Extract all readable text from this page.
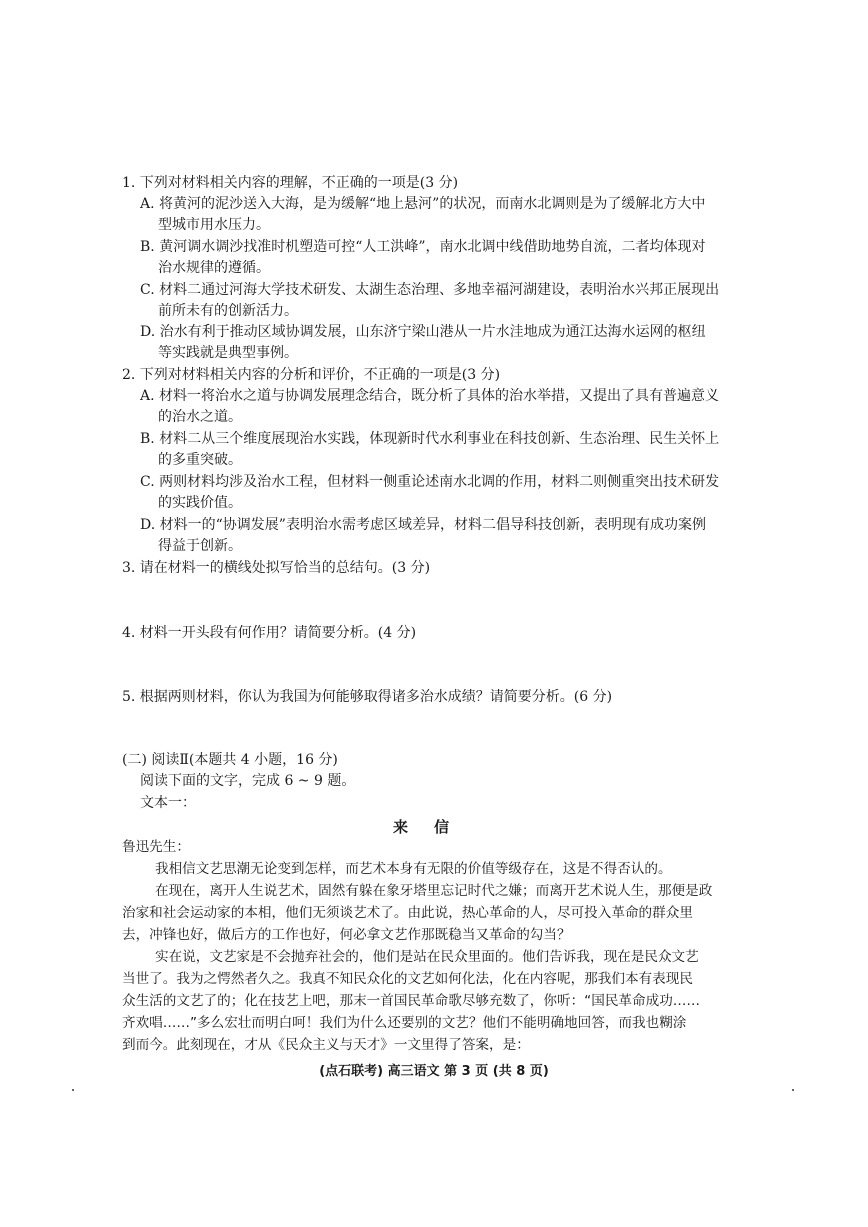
1. 下列对材料相关内容的理解，不正确的一项是(3 分)
A. 将黄河的泥沙送入大海，是为缓解“地上悬河”的状况，而南水北调则是为了缓解北方大中
型城市用水压力。
B. 黄河调水调沙找准时机塑造可控“人工洪峰”，南水北调中线借助地势自流，二者均体现对
治水规律的遵循。
C. 材料二通过河海大学技术研发、太湖生态治理、多地幸福河湖建设，表明治水兴邦正展现出
前所未有的创新活力。
D. 治水有利于推动区域协调发展，山东济宁梁山港从一片水洼地成为通江达海水运网的枢纽
等实践就是典型事例。
2. 下列对材料相关内容的分析和评价，不正确的一项是(3 分)
A. 材料一将治水之道与协调发展理念结合，既分析了具体的治水举措，又提出了具有普遍意义
的治水之道。
B. 材料二从三个维度展现治水实践，体现新时代水利事业在科技创新、生态治理、民生关怀上
的多重突破。
C. 两则材料均涉及治水工程，但材料一侧重论述南水北调的作用，材料二则侧重突出技术研发
的实践价值。
D. 材料一的“协调发展”表明治水需考虑区域差异，材料二倡导科技创新，表明现有成功案例
得益于创新。
3. 请在材料一的横线处拟写恰当的总结句。(3 分)
4. 材料一开头段有何作用？请简要分析。(4 分)
5. 根据两则材料，你认为我国为何能够取得诸多治水成绩？请简要分析。(6 分)
(二) 阅读Ⅱ(本题共 4 小题，16 分)
阅读下面的文字，完成 6 ~ 9 题。
文本一：
来信
鲁迅先生：
我相信文艺思潮无论变到怎样，而艺术本身有无限的价值等级存在，这是不得否认的。
在现在，离开人生说艺术，固然有躲在象牙塔里忘记时代之嫌；而离开艺术说人生，那便是政
治家和社会运动家的本相，他们无须谈艺术了。由此说，热心革命的人，尽可投入革命的群众里
去，冲锋也好，做后方的工作也好，何必拿文艺作那既稳当又革命的勾当？
实在说，文艺家是不会抛弃社会的，他们是站在民众里面的。他们告诉我，现在是民众文艺
当世了。我为之愕然者久之。我真不知民众化的文艺如何化法，化在内容呢，那我们本有表现民
众生活的文艺了的；化在技艺上吧，那末一首国民革命歌尽够充数了，你听：“国民革命成功……
齐欢唱……”多么宏壮而明白呵！我们为什么还要别的文艺？他们不能明确地回答，而我也糊涂
到而今。此刻现在，才从《民众主义与天才》一文里得了答案，是：
(点石联考) 高三语文 第 3 页 (共 8 页)
